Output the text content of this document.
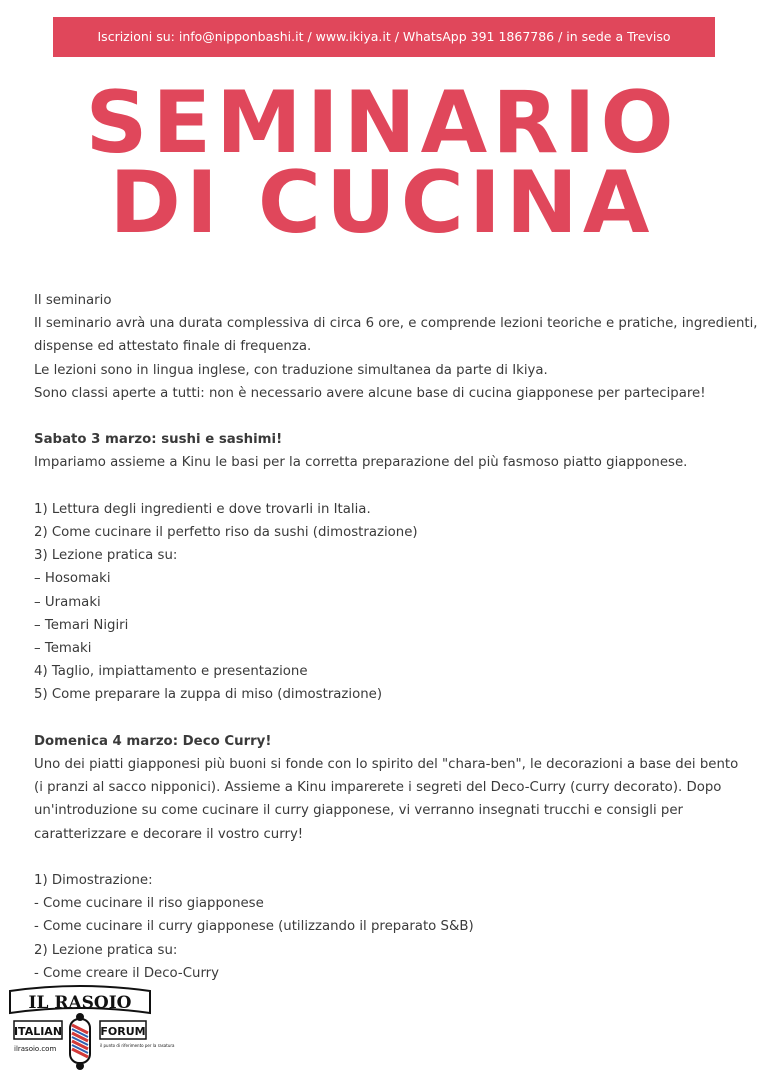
Iscrizioni su: info@nipponbashi.it / www.ikiya.it / WhatsApp 391 1867786 / in sede a Treviso
SEMINARIO
DI CUCINA

Il seminario

Il seminario avrà una durata complessiva di circa 6 ore, e comprende lezioni teoriche e pratiche, ingredienti,

dispense ed attestato finale di frequenza.

Le lezioni sono in lingua inglese, con traduzione simultanea da parte di Ikiya.

Sono classi aperte a tutti: non è necessario avere alcune base di cucina giapponese per partecipare!

Sabato 3 marzo: sushi e sashimi!

Impariamo assieme a Kinu le basi per la corretta preparazione del più fasmoso piatto giapponese.

1) Lettura degli ingredienti e dove trovarli in Italia.

2) Come cucinare il perfetto riso da sushi (dimostrazione)

3) Lezione pratica su:

– Hosomaki

– Uramaki

– Temari Nigiri

– Temaki

4) Taglio, impiattamento e presentazione

5) Come preparare la zuppa di miso (dimostrazione)

Domenica 4 marzo: Deco Curry!

Uno dei piatti giapponesi più buoni si fonde con lo spirito del "chara-ben", le decorazioni a base dei bento (i pranzi al sacco nipponici). Assieme a Kinu imparerete i segreti del Deco-Curry (curry decorato). Dopo un'introduzione su come cucinare il curry giapponese, vi verranno insegnati trucchi e consigli per caratterizzare e decorare il vostro curry!

1) Dimostrazione:

- Come cucinare il riso giapponese

- Come cucinare il curry giapponese (utilizzando il preparato S&B)

2) Lezione pratica su:

- Come creare il Deco-Curry

IL RASOIO
ITALIAN	FORUM
ilrasoio.com	il punto di riferimento per la rasatura
